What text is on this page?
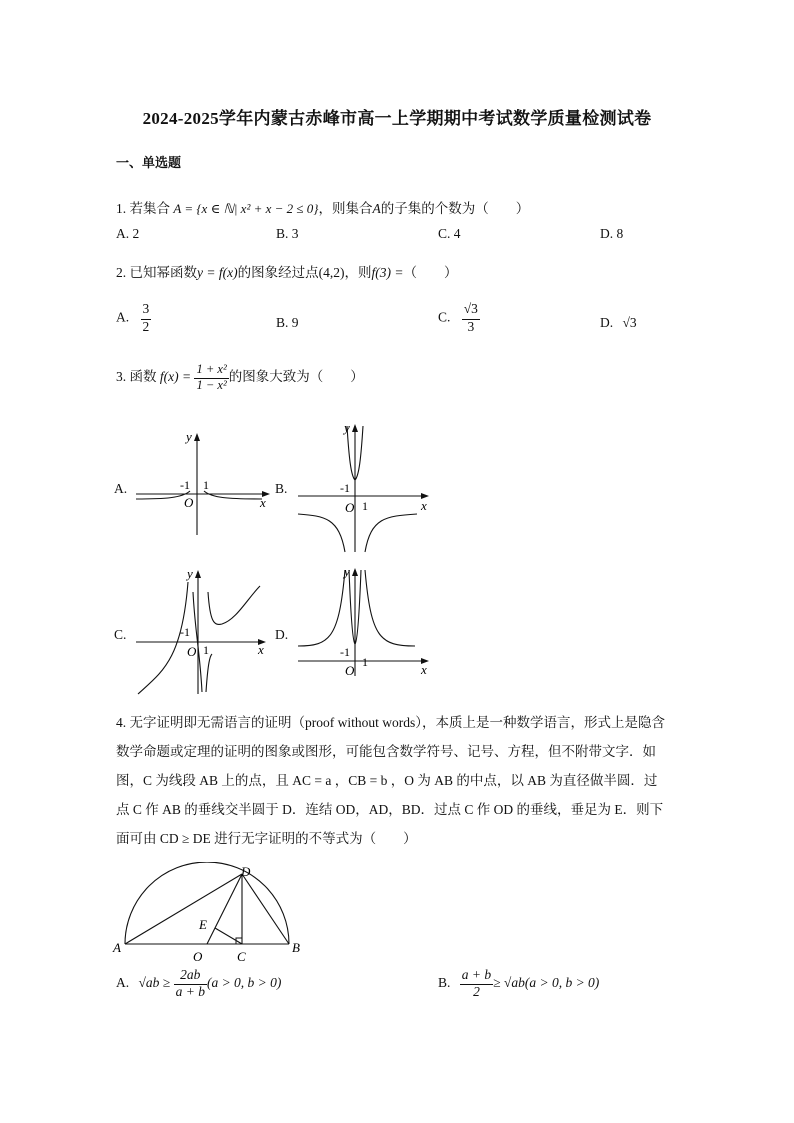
2024-2025学年内蒙古赤峰市高一上学期期中考试数学质量检测试卷
一、单选题
1. 若集合 A = {x ∈ ℕ| x² + x − 2 ≤ 0}，则集合A的子集的个数为（　　）
A. 2	B. 3	C. 4	D. 8
2. 已知幂函数y = f(x)的图象经过点(4,2)，则f(3) =（　　）
A. $\frac{3}{2}$	B. 9	C. $\frac{√3}{3}$	D. √3
3. 函数 $f(x) = \frac{\text{1 + x²}}{\text{1 − x²}}$ 的图象大致为（　　）
A.
y
x
O
-1 1	B.
y
x
O
-1
1
C.
y
x
O
-1
1
D.
y
x
O
-1
1
4. 无字证明即无需语言的证明（proof without words），本质上是一种数学语言，形式上是隐含
数学命题或定理的证明的图象或图形，可能包含数学符号、记号、方程，但不附带文字．如
图，C 为线段 AB 上的点，且 AC = a ，CB = b ，O 为 AB 的中点，以 AB 为直径做半圆．过
点 C 作 AB 的垂线交半圆于 D．连结 OD，AD，BD．过点 C 作 OD 的垂线，垂足为 E．则下
面可由 CD ≥ DE 进行无字证明的不等式为（　　）
A	B
C
D
E
O
A. $√ab \ge \frac{2ab}{a + b} (a > 0$, b > 0)	B. $\frac{a + b}{2} \ge √ab(a > 0$, b > 0)
